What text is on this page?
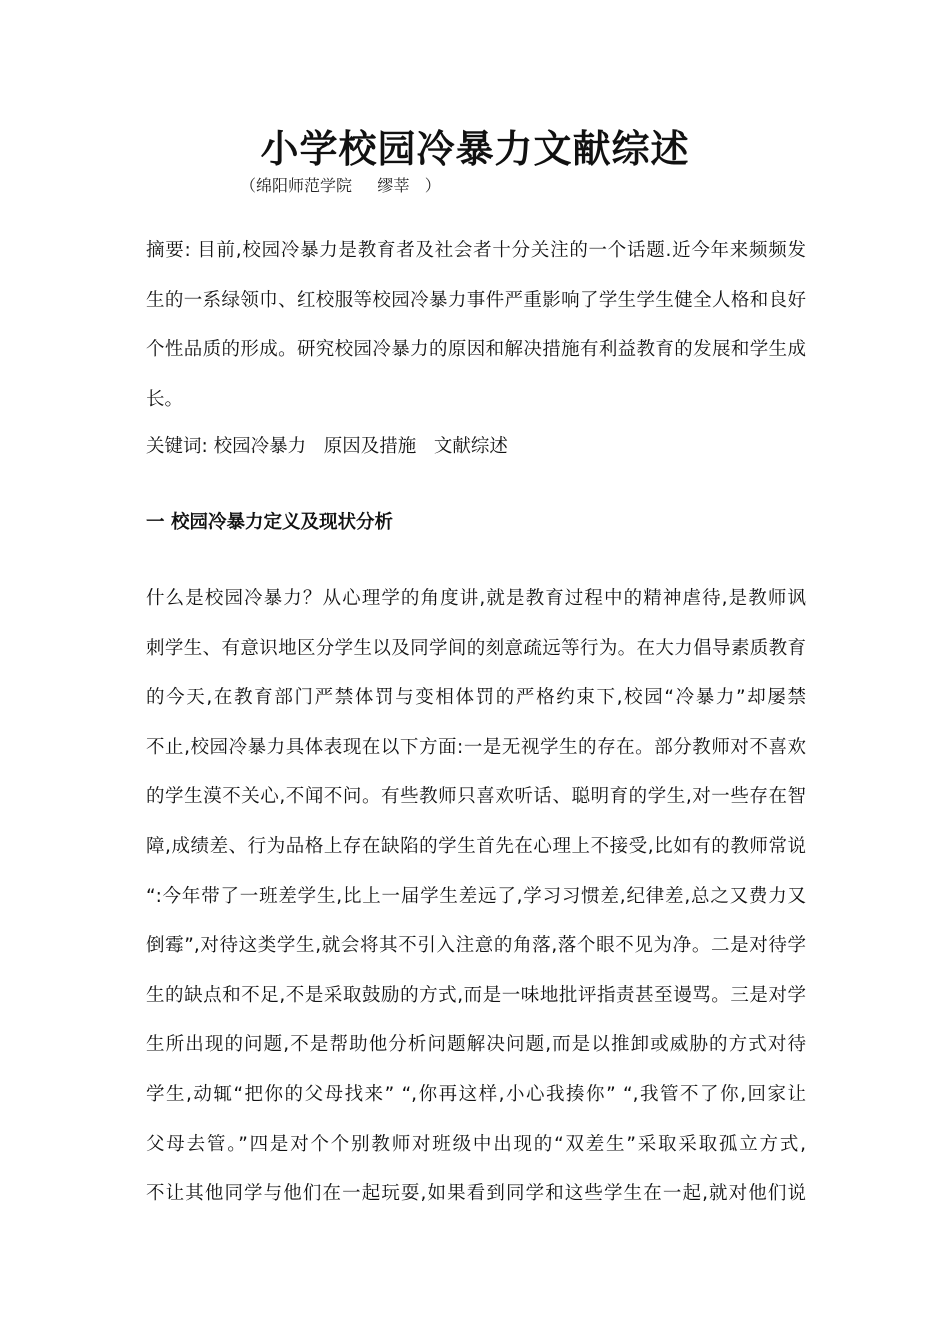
小学校园冷暴力文献综述
（绵阳师范学院     缪莘   ）
摘要: 目前,校园冷暴力是教育者及社会者十分关注的一个话题.近今年来频频发
生的一系绿领巾、红校服等校园冷暴力事件严重影响了学生学生健全人格和良好
个性品质的形成。研究校园冷暴力的原因和解决措施有利益教育的发展和学生成
长。
关键词: 校园冷暴力   原因及措施   文献综述
一 校园冷暴力定义及现状分析
什么是校园冷暴力？从心理学的角度讲,就是教育过程中的精神虐待,是教师讽
刺学生、有意识地区分学生以及同学间的刻意疏远等行为。在大力倡导素质教育
的今天,在教育部门严禁体罚与变相体罚的严格约束下,校园“冷暴力”却屡禁
不止,校园冷暴力具体表现在以下方面:一是无视学生的存在。部分教师对不喜欢
的学生漠不关心,不闻不问。有些教师只喜欢听话、聪明育的学生,对一些存在智
障,成绩差、行为品格上存在缺陷的学生首先在心理上不接受,比如有的教师常说
“:今年带了一班差学生,比上一届学生差远了,学习习惯差,纪律差,总之又费力又
倒霉”,对待这类学生,就会将其不引入注意的角落,落个眼不见为净。二是对待学
生的缺点和不足,不是采取鼓励的方式,而是一味地批评指责甚至谩骂。三是对学
生所出现的问题,不是帮助他分析问题解决问题,而是以推卸或威胁的方式对待
学生,动辄“把你的父母找来” “,你再这样,小心我揍你” “,我管不了你,回家让
父母去管。”四是对个个别教师对班级中出现的“双差生”采取采取孤立方式,
不让其他同学与他们在一起玩耍,如果看到同学和这些学生在一起,就对他们说
